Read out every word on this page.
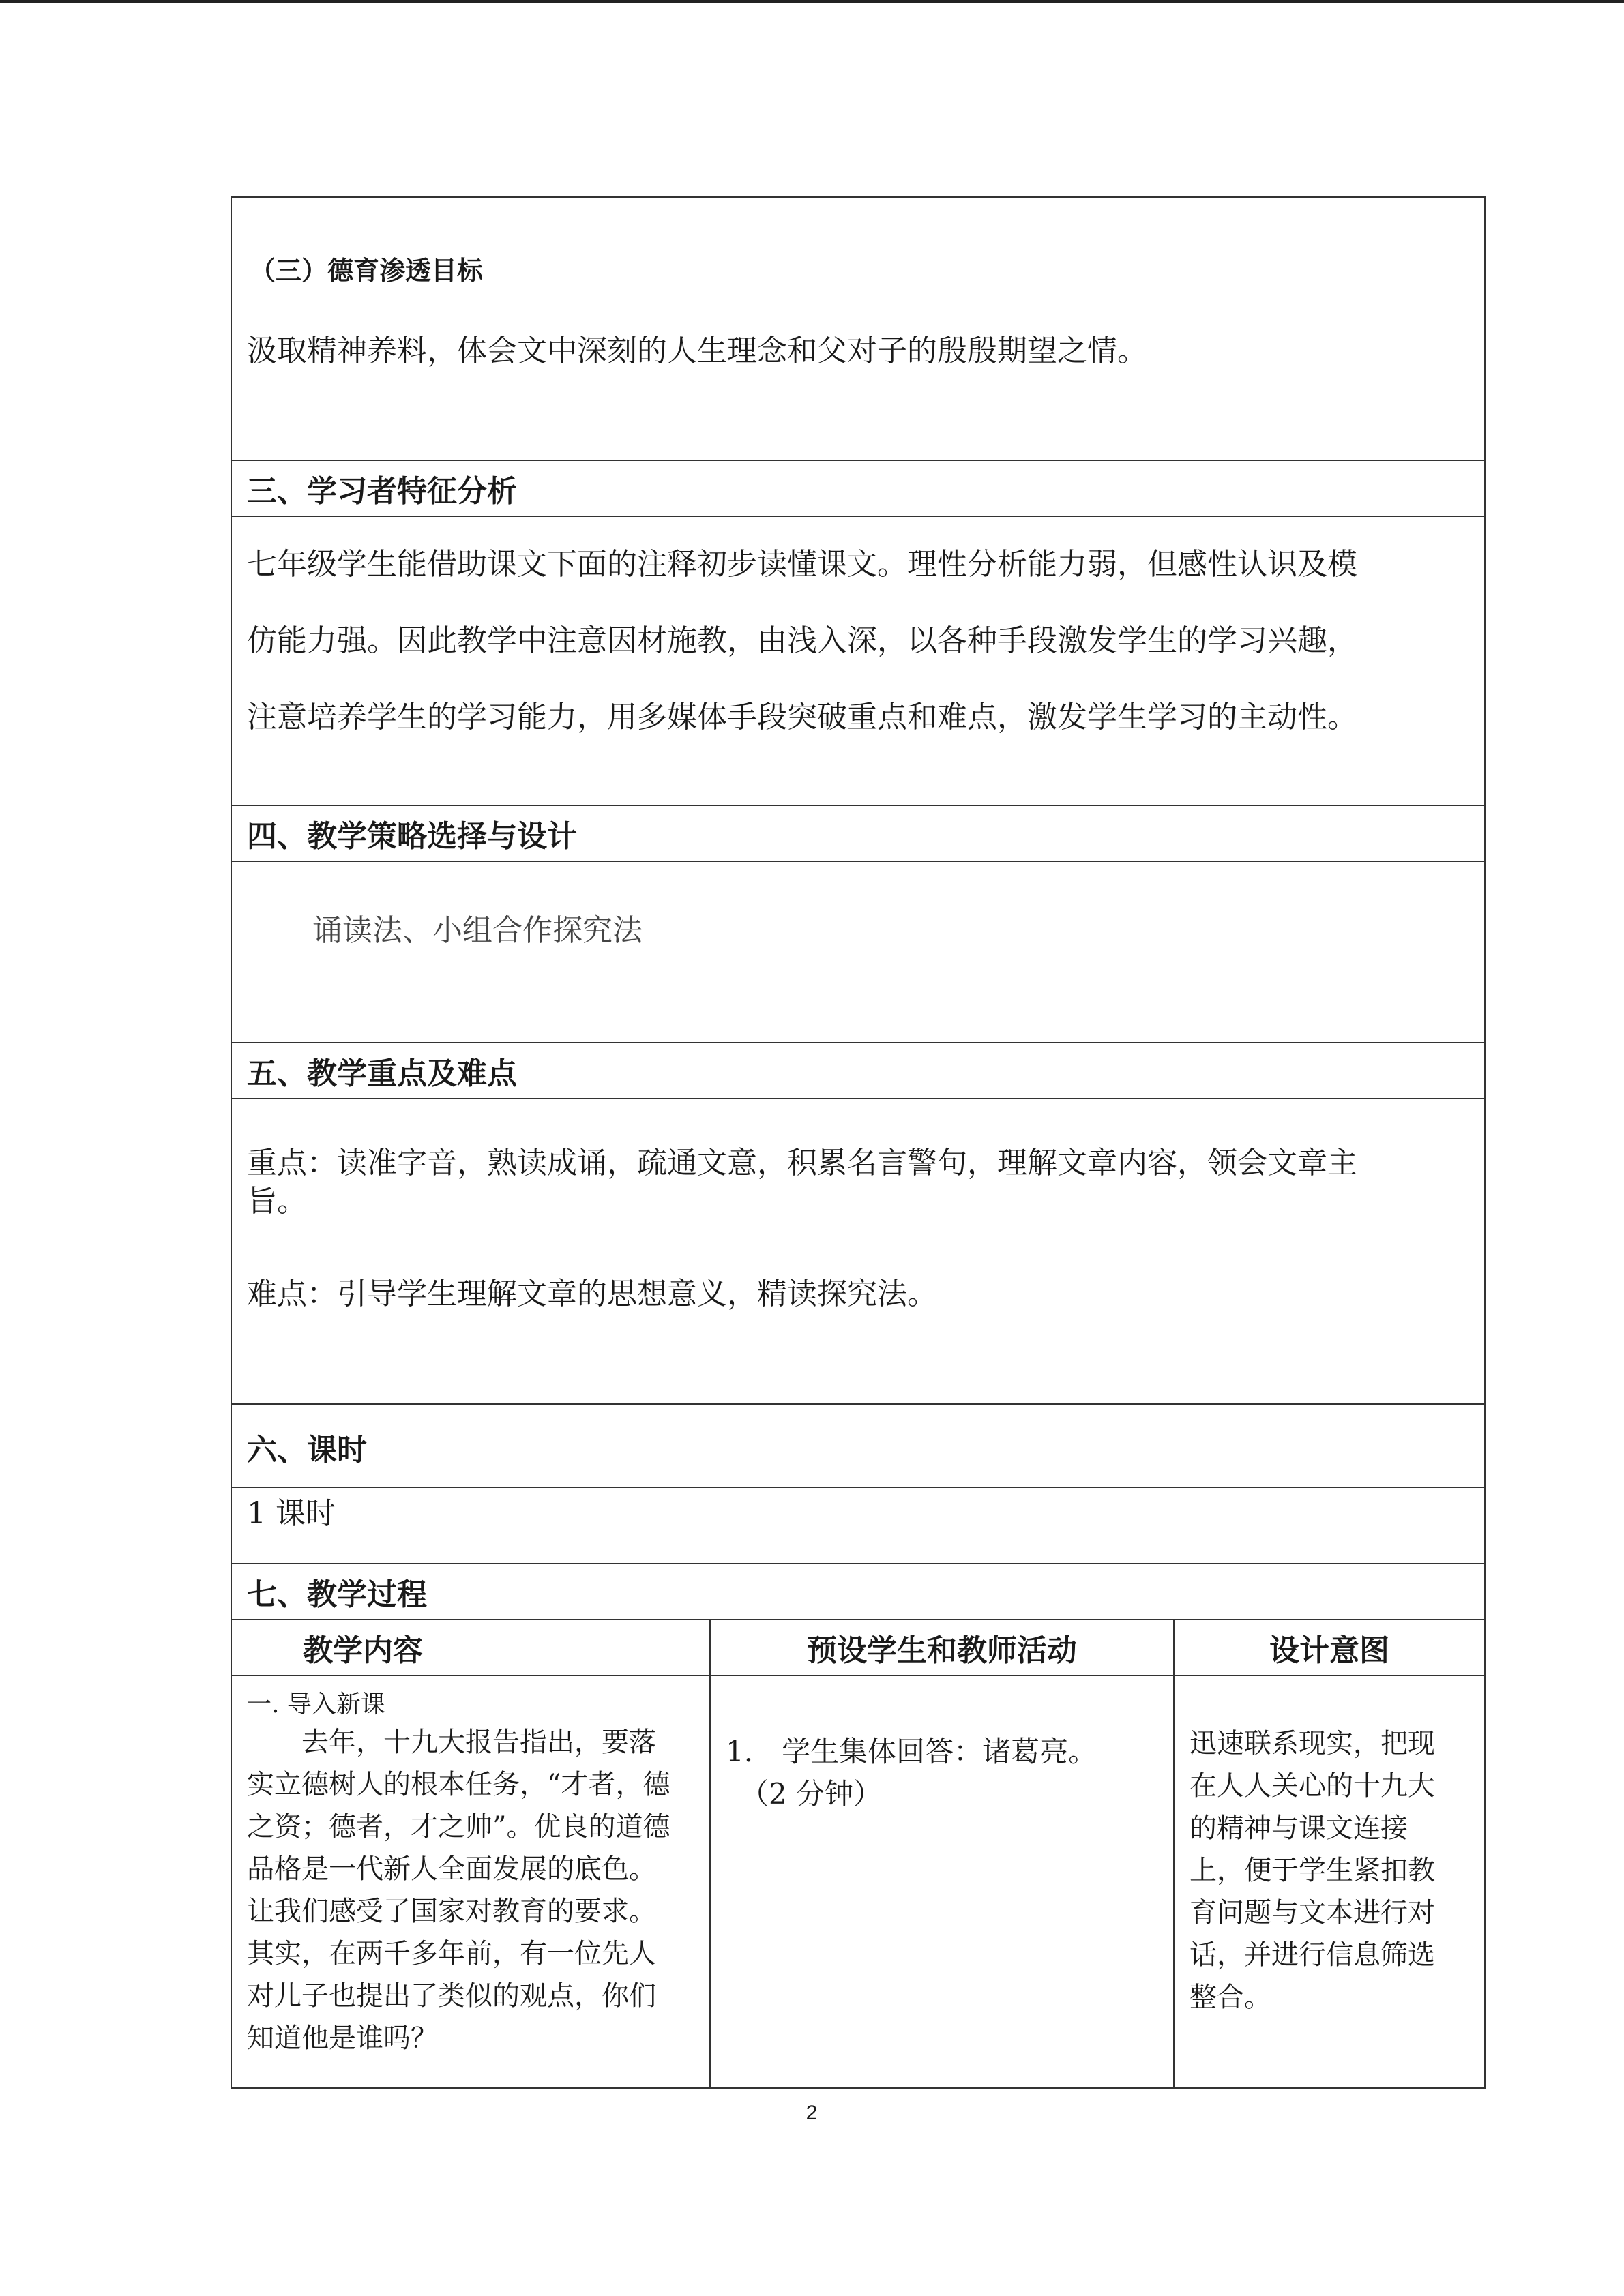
（三）德育渗透目标
汲取精神养料，体会文中深刻的人生理念和父对子的殷殷期望之情。
三、学习者特征分析
七年级学生能借助课文下面的注释初步读懂课文。理性分析能力弱，但感性认识及模
仿能力强。因此教学中注意因材施教，由浅入深，以各种手段激发学生的学习兴趣，
注意培养学生的学习能力，用多媒体手段突破重点和难点，激发学生学习的主动性。
四、教学策略选择与设计
诵读法、小组合作探究法
五、教学重点及难点
重点：读准字音，熟读成诵，疏通文意，积累名言警句，理解文章内容，领会文章主
旨。
难点：引导学生理解文章的思想意义，精读探究法。
六、课时
1 课时
七、教学过程
教学内容	预设学生和教师活动	设计意图
一. 导入新课
　　去年，十九大报告指出，要落
实立德树人的根本任务，“才者，德
之资；德者，才之帅”。优良的道德
品格是一代新人全面发展的底色。
让我们感受了国家对教育的要求。
其实，在两千多年前，有一位先人
对儿子也提出了类似的观点，你们
知道他是谁吗？
1.　学生集体回答：诸葛亮。
　（2 分钟）
迅速联系现实，把现
在人人关心的十九大
的精神与课文连接
上，便于学生紧扣教
育问题与文本进行对
话，并进行信息筛选
整合。
2
